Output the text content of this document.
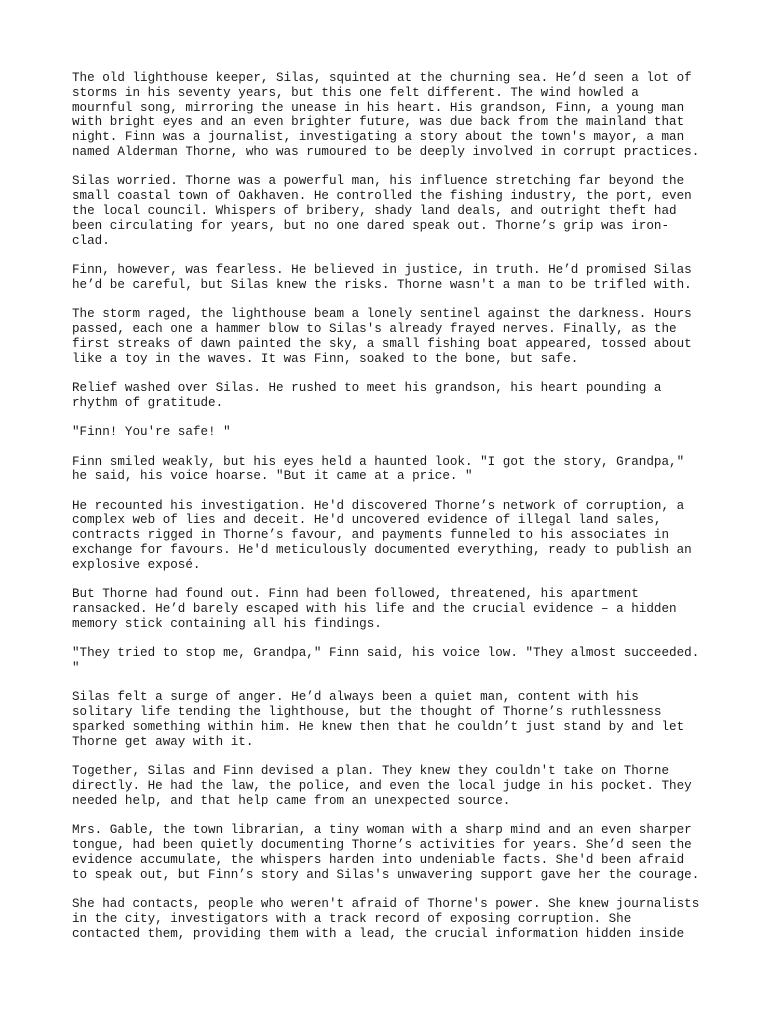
The old lighthouse keeper, Silas, squinted at the churning sea. He’d seen a lot of
storms in his seventy years, but this one felt different. The wind howled a
mournful song, mirroring the unease in his heart. His grandson, Finn, a young man
with bright eyes and an even brighter future, was due back from the mainland that
night. Finn was a journalist, investigating a story about the town's mayor, a man
named Alderman Thorne, who was rumoured to be deeply involved in corrupt practices.

Silas worried. Thorne was a powerful man, his influence stretching far beyond the
small coastal town of Oakhaven. He controlled the fishing industry, the port, even
the local council. Whispers of bribery, shady land deals, and outright theft had
been circulating for years, but no one dared speak out. Thorne’s grip was iron-
clad.

Finn, however, was fearless. He believed in justice, in truth. He’d promised Silas
he’d be careful, but Silas knew the risks. Thorne wasn't a man to be trifled with.

The storm raged, the lighthouse beam a lonely sentinel against the darkness. Hours
passed, each one a hammer blow to Silas's already frayed nerves. Finally, as the
first streaks of dawn painted the sky, a small fishing boat appeared, tossed about
like a toy in the waves. It was Finn, soaked to the bone, but safe.

Relief washed over Silas. He rushed to meet his grandson, his heart pounding a
rhythm of gratitude.

"Finn! You're safe! "

Finn smiled weakly, but his eyes held a haunted look. "I got the story, Grandpa,"
he said, his voice hoarse. "But it came at a price. "

He recounted his investigation. He'd discovered Thorne’s network of corruption, a
complex web of lies and deceit. He'd uncovered evidence of illegal land sales,
contracts rigged in Thorne’s favour, and payments funneled to his associates in
exchange for favours. He'd meticulously documented everything, ready to publish an
explosive exposé.

But Thorne had found out. Finn had been followed, threatened, his apartment
ransacked. He’d barely escaped with his life and the crucial evidence – a hidden
memory stick containing all his findings.

"They tried to stop me, Grandpa," Finn said, his voice low. "They almost succeeded.
"

Silas felt a surge of anger. He’d always been a quiet man, content with his
solitary life tending the lighthouse, but the thought of Thorne’s ruthlessness
sparked something within him. He knew then that he couldn’t just stand by and let
Thorne get away with it.

Together, Silas and Finn devised a plan. They knew they couldn't take on Thorne
directly. He had the law, the police, and even the local judge in his pocket. They
needed help, and that help came from an unexpected source.

Mrs. Gable, the town librarian, a tiny woman with a sharp mind and an even sharper
tongue, had been quietly documenting Thorne’s activities for years. She’d seen the
evidence accumulate, the whispers harden into undeniable facts. She'd been afraid
to speak out, but Finn’s story and Silas's unwavering support gave her the courage.

She had contacts, people who weren't afraid of Thorne's power. She knew journalists
in the city, investigators with a track record of exposing corruption. She
contacted them, providing them with a lead, the crucial information hidden inside
